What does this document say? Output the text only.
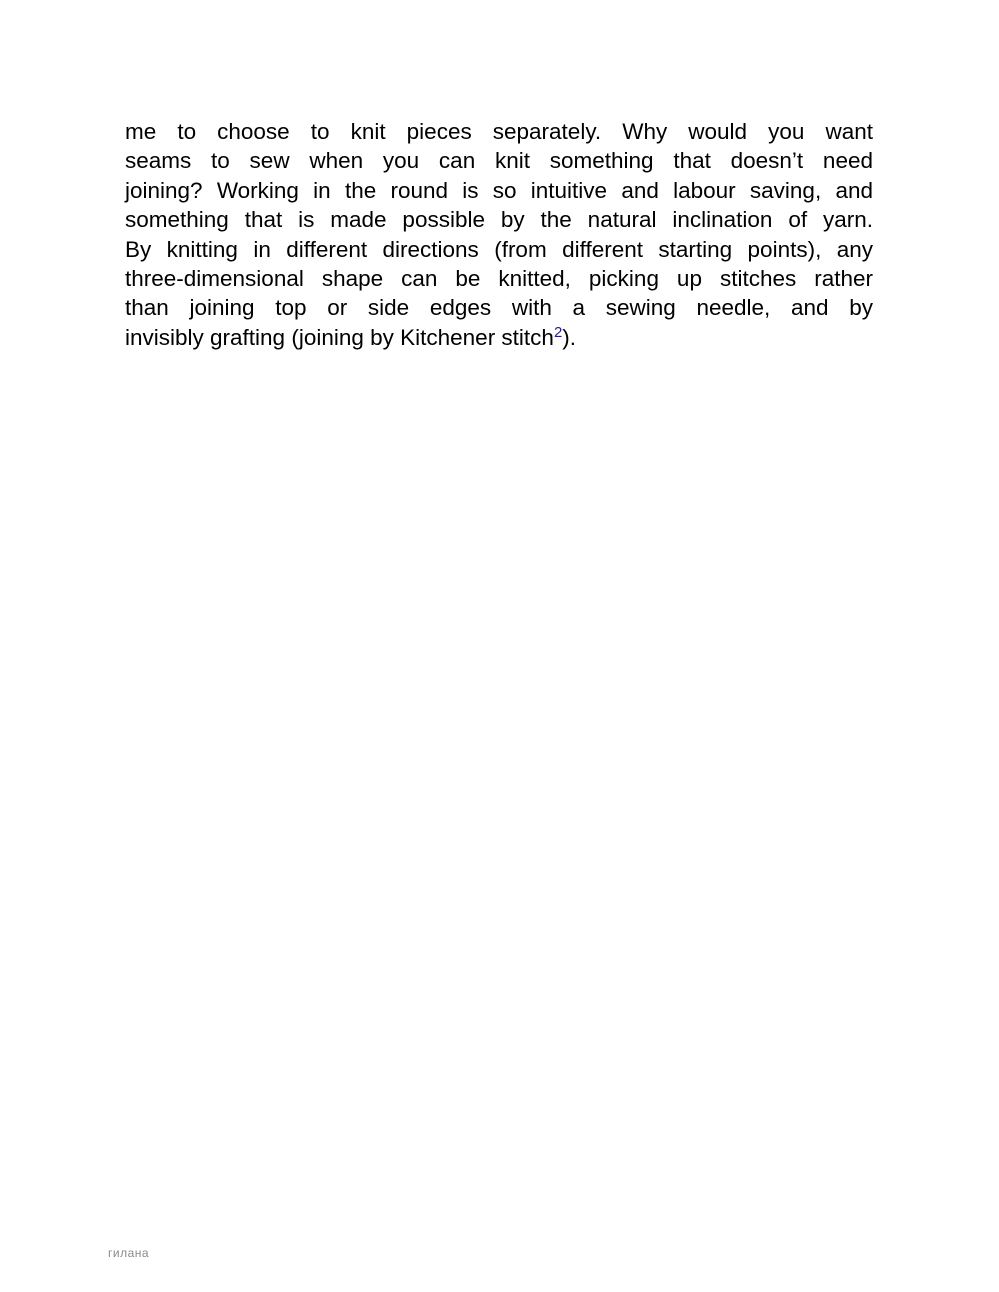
me to choose to knit pieces separately. Why would you want
seams to sew when you can knit something that doesn’t need
joining? Working in the round is so intuitive and labour saving, and
something that is made possible by the natural inclination of yarn.
By knitting in different directions (from different starting points), any
three-dimensional shape can be knitted, picking up stitches rather
than joining top or side edges with a sewing needle, and by
invisibly grafting (joining by Kitchener stitch$^2$).
гилана
